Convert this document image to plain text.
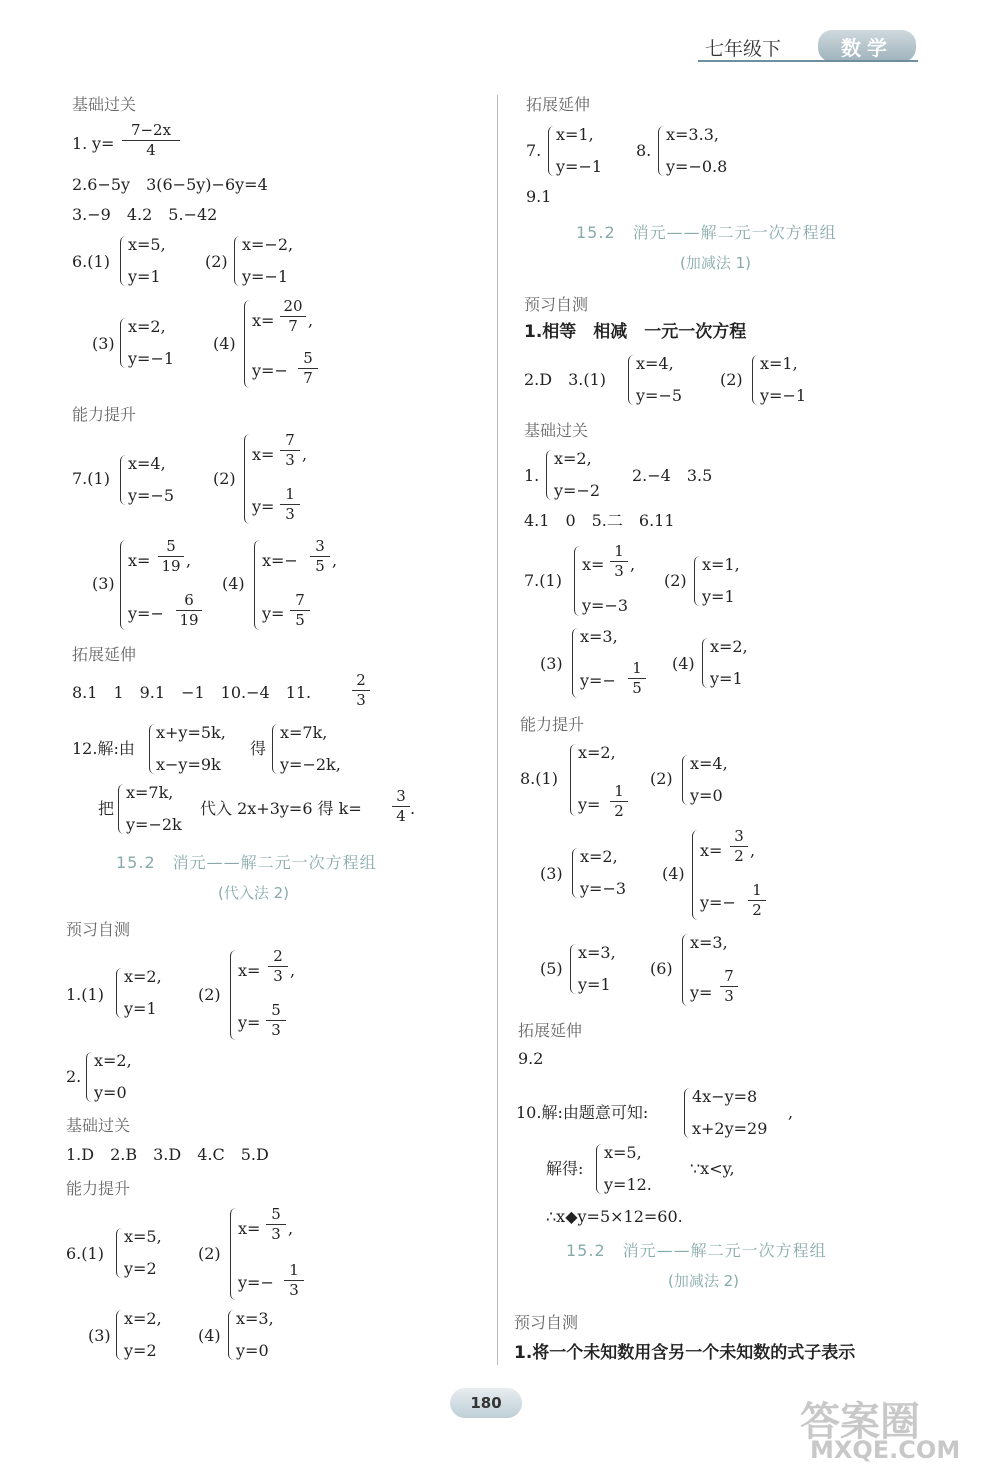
七年级下	数学
基础过关
1. y=
7−2x
4
2.6−5y　3(6−5y)−6y=4
3.−9　4.2　5.−42
6.(1)
x=5,
y=1
(2)
x=−2,
y=−1
(3)
x=2,
y=−1
(4)
x=
20
7 ,
y=−
5
7
能力提升
7.(1)
x=4,
y=−5
(2)
x=
7
3 ,
y=
1
3
(3)
x=
5
19 ,
y=−
6
19
(4)
x=−
3
5 ,
y=
7
5
拓展延伸
8.1　1　9.1　−1　10.−4　11.
2
3
12.解:由
x+y=5k,
x−y=9k
得
x=7k,
y=−2k,
把
x=7k,
y=−2k
代入 2x+3y=6 得 k=
3
4 .
15.2　消元——解二元一次方程组
(代入法 2)
预习自测
1.(1)
x=2,
y=1
(2)
x=
2
3 ,
y=
5
3
2.
x=2,
y=0
基础过关
1.D　2.B　3.D　4.C　5.D
能力提升
6.(1)
x=5,
y=2
(2)
x=
5
3 ,
y=−
1
3
(3)
x=2,
y=2
(4)
x=3,
y=0
拓展延伸
7.
x=1,
y=−1
8.
x=3.3,
y=−0.8
9.1
15.2　消元——解二元一次方程组
(加减法 1)
预习自测
1.相等　相减　一元一次方程
2.D　3.(1)
x=4,
y=−5
(2)
x=1,
y=−1
基础过关
1.
x=2,
y=−2
2.−4　3.5
4.1　0　5.二　6.11
7.(1)
x=
1
3 ,
y=−3
(2)
x=1,
y=1
(3)
x=3,
y=−
1
5
(4)
x=2,
y=1
能力提升
8.(1)
x=2,
y=
1
2
(2)
x=4,
y=0
(3)
x=2,
y=−3
(4)
x=
3
2 ,
y=−
1
2
(5)
x=3,
y=1
(6)
x=3,
y=
7
3
拓展延伸
9.2
10.解:由题意可知:
4x−y=8
x+2y=29
,
解得:
x=5,
y=12.
∵x<y,
∴x◆y=5×12=60.
15.2　消元——解二元一次方程组
(加减法 2)
预习自测
1.将一个未知数用含另一个未知数的式子表示
180	答案圈
MXQE.COM
